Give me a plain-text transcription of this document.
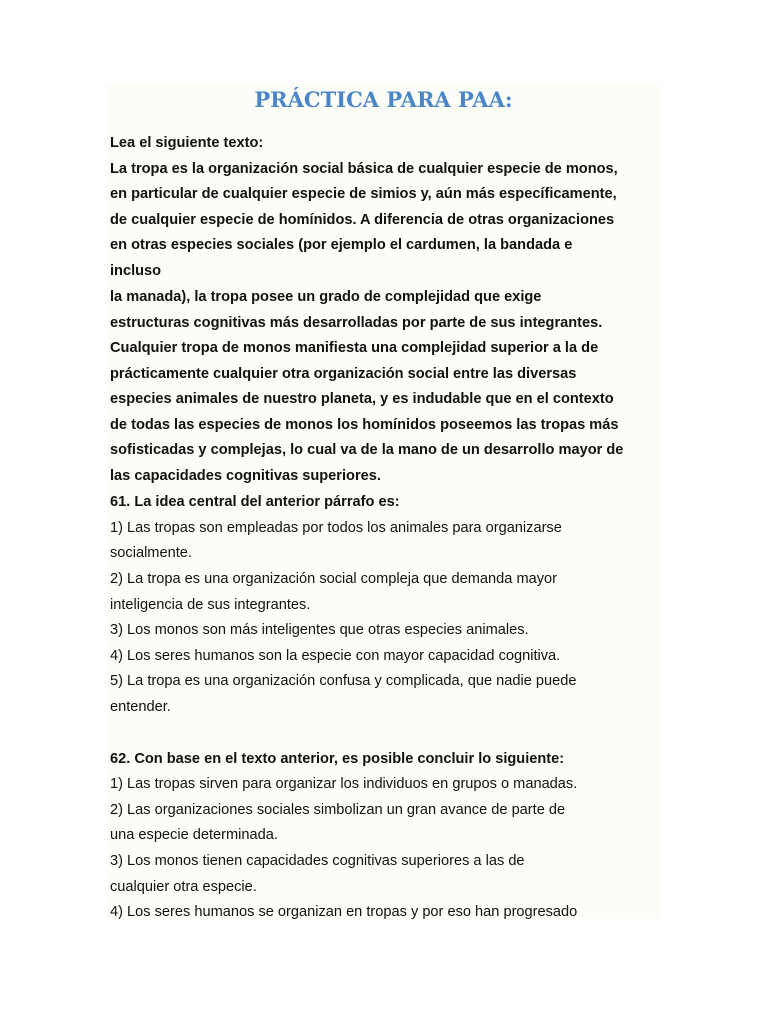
PRÁCTICA PARA PAA:
Lea el siguiente texto:
La tropa es la organización social básica de cualquier especie de monos,
en particular de cualquier especie de simios y, aún más específicamente,
de cualquier especie de homínidos. A diferencia de otras organizaciones
en otras especies sociales (por ejemplo el cardumen, la bandada e
incluso
la manada), la tropa posee un grado de complejidad que exige
estructuras cognitivas más desarrolladas por parte de sus integrantes.
Cualquier tropa de monos manifiesta una complejidad superior a la de
prácticamente cualquier otra organización social entre las diversas
especies animales de nuestro planeta, y es indudable que en el contexto
de todas las especies de monos los homínidos poseemos las tropas más
sofisticadas y complejas, lo cual va de la mano de un desarrollo mayor de
las capacidades cognitivas superiores.
61. La idea central del anterior párrafo es:
1) Las tropas son empleadas por todos los animales para organizarse
socialmente.
2) La tropa es una organización social compleja que demanda mayor
inteligencia de sus integrantes.
3) Los monos son más inteligentes que otras especies animales.
4) Los seres humanos son la especie con mayor capacidad cognitiva.
5) La tropa es una organización confusa y complicada, que nadie puede
entender.
62. Con base en el texto anterior, es posible concluir lo siguiente:
1) Las tropas sirven para organizar los individuos en grupos o manadas.
2) Las organizaciones sociales simbolizan un gran avance de parte de
una especie determinada.
3) Los monos tienen capacidades cognitivas superiores a las de
cualquier otra especie.
4) Los seres humanos se organizan en tropas y por eso han progresado
